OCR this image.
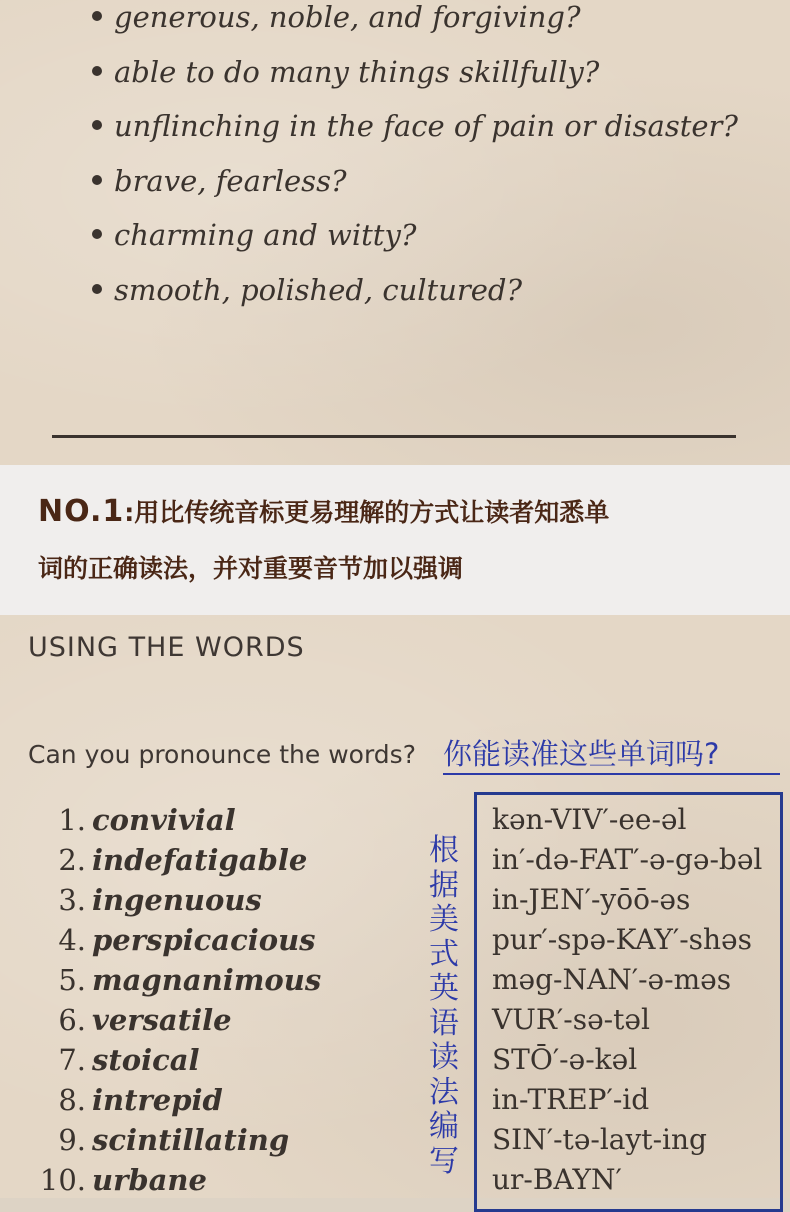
generous, noble, and forgiving?
able to do many things skillfully?
unflinching in the face of pain or disaster?
brave, fearless?
charming and witty?
smooth, polished, cultured?
NO.1:用比传统音标更易理解的方式让读者知悉单
词的正确读法，并对重要音节加以强调
USING THE WORDS
Can you pronounce the words? 你能读准这些单词吗?
1. convivial
2. indefatigable
3. ingenuous
4. perspicacious
5. magnanimous
6. versatile
7. stoical
8. intrepid
9. scintillating
10. urbane
根
据
美
式
英
语
读
法
编
写
kən-VIV′-ee-əl
in′-də-FAT′-ə-gə-bəl
in-JEN′-yōō-əs
pur′-spə-KAY′-shəs
məg-NAN′-ə-məs
VUR′-sə-təl
STŌ′-ə-kəl
in-TREP′-id
SIN′-tə-layt-ing
ur-BAYN′
